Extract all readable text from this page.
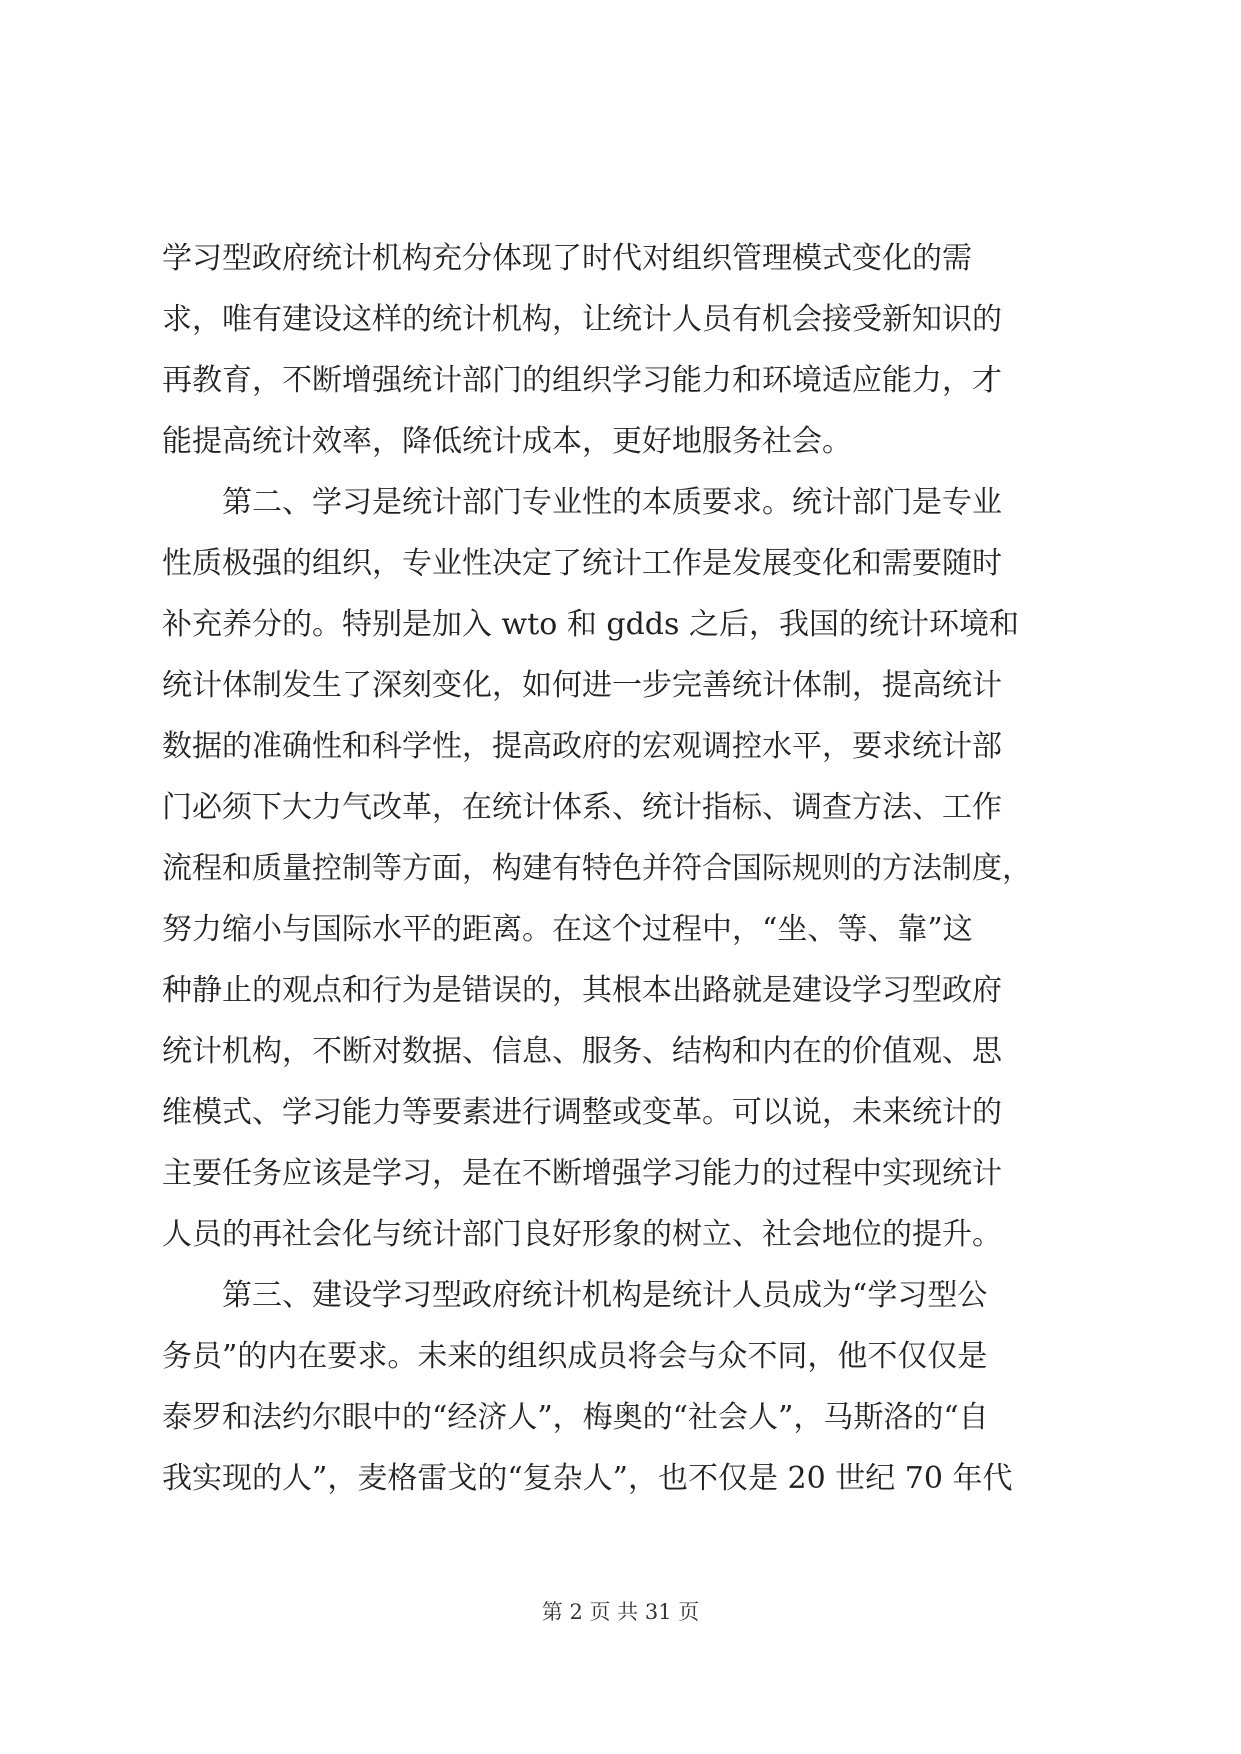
学习型政府统计机构充分体现了时代对组织管理模式变化的需
求，唯有建设这样的统计机构，让统计人员有机会接受新知识的
再教育，不断增强统计部门的组织学习能力和环境适应能力，才
能提高统计效率，降低统计成本，更好地服务社会。
　　第二、学习是统计部门专业性的本质要求。统计部门是专业
性质极强的组织，专业性决定了统计工作是发展变化和需要随时
补充养分的。特别是加入 wto 和 gdds 之后，我国的统计环境和
统计体制发生了深刻变化，如何进一步完善统计体制，提高统计
数据的准确性和科学性，提高政府的宏观调控水平，要求统计部
门必须下大力气改革，在统计体系、统计指标、调查方法、工作
流程和质量控制等方面，构建有特色并符合国际规则的方法制度，
努力缩小与国际水平的距离。在这个过程中，“坐、等、靠”这
种静止的观点和行为是错误的，其根本出路就是建设学习型政府
统计机构，不断对数据、信息、服务、结构和内在的价值观、思
维模式、学习能力等要素进行调整或变革。可以说，未来统计的
主要任务应该是学习，是在不断增强学习能力的过程中实现统计
人员的再社会化与统计部门良好形象的树立、社会地位的提升。
　　第三、建设学习型政府统计机构是统计人员成为“学习型公
务员”的内在要求。未来的组织成员将会与众不同，他不仅仅是
泰罗和法约尔眼中的“经济人”，梅奥的“社会人”，马斯洛的“自
我实现的人”，麦格雷戈的“复杂人”，也不仅是 20 世纪 70 年代
第 2 页 共 31 页
